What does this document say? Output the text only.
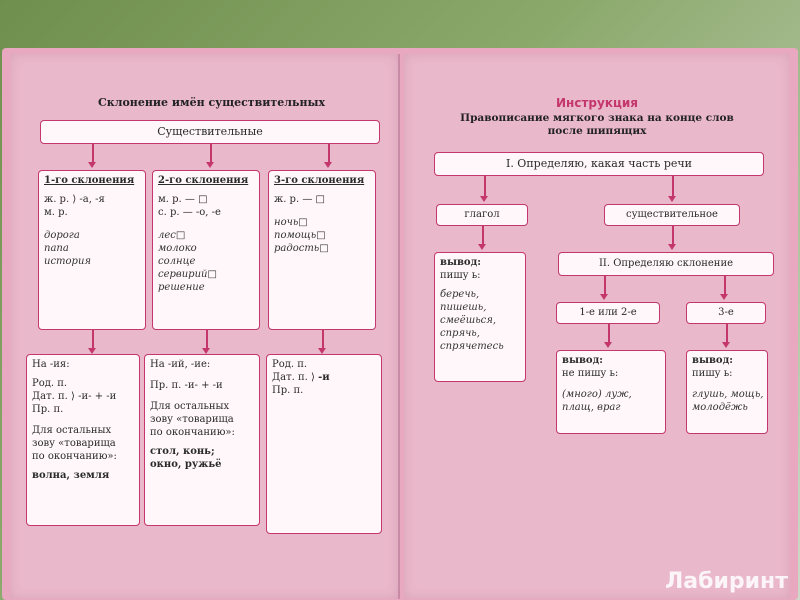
Склонение имён существительных
Существительные
1-го склонения
ж. р. ⟩ -а, -я
м. р.
дорога
папа
история
2-го склонения
м. р. — □
с. р. — -о, -е
лес□
молоко
солнце
сервирий□
решение
3-го склонения
ж. р. — □
ночь□
помощь□
радость□
На -ия:
Род. п.
Дат. п. ⟩ -и- + -и
Пр. п.
Для остальных
зову «товарища
по окончанию»:
волна, земля
На -ий, -ие:
Пр. п. -и- + -и
Для остальных
зову «товарища
по окончанию»:
стол, конь;
окно, ружьё
Род. п.
Дат. п. ⟩ -и
Пр. п.
Инструкция
Правописание мягкого знака на конце слов
после шипящих
I. Определяю, какая часть речи
глагол	существительное
вывод:
пишу ь:
беречь,
пишешь,
смеёшься,
спрячь,
спрячетесь
II. Определяю склонение
1-е или 2-е	3-е
вывод:
не пишу ь:
(много) луж,
плащ, враг
вывод:
пишу ь:
глушь, мощь,
молодёжь
Лабиринт
